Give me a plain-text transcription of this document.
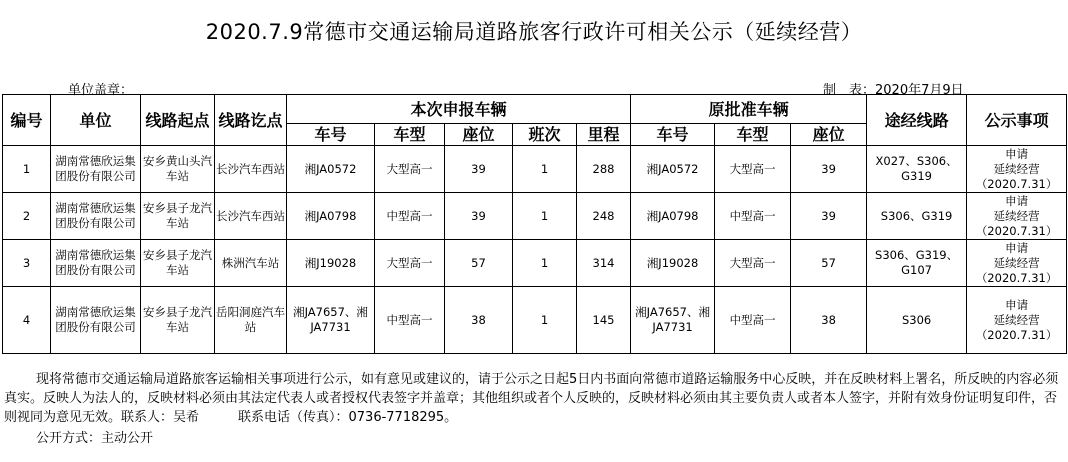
2020.7.9常德市交通运输局道路旅客行政许可相关公示（延续经营）
单位盖章：	制　表：2020年7月9日
编号	单位	线路起点	线路讫点	本次申报车辆					原批准车辆			途经线路	公示事项
				车号	车型	座位	班次	里程	车号	车型	座位		
1	湖南常德欣运集团股份有限公司	安乡黄山头汽车站	长沙汽车西站	湘JA0572	大型高一	39	1	288	湘JA0572	大型高一	39	X027、S306、G319	申请
延续经营
（2020.7.31）

2	湖南常德欣运集团股份有限公司	安乡县子龙汽车站	长沙汽车西站	湘JA0798	中型高一	39	1	248	湘JA0798	中型高一	39	S306、G319	申请
延续经营
（2020.7.31）

3	湖南常德欣运集团股份有限公司	安乡县子龙汽车站	株洲汽车站	湘J19028	大型高一	57	1	314	湘J19028	大型高一	57	S306、G319、G107	申请
延续经营
（2020.7.31）

4	湖南常德欣运集团股份有限公司	安乡县子龙汽车站	岳阳洞庭汽车站	湘JA7657、湘JA7731	中型高一	38	1	145	湘JA7657、湘JA7731	中型高一	38	S306	申请
延续经营
（2020.7.31）
现将常德市交通运输局道路旅客运输相关事项进行公示，如有意见或建议的，请于公示之日起5日内书面向常德市道路运输服务中心反映，并在反映材料上署名，所反映的内容必须真实。反映人为法人的，反映材料必须由其法定代表人或者授权代表签字并盖章；其他组织或者个人反映的，反映材料必须由其主要负责人或者本人签字，并附有效身份证明复印件，否则视同为意见无效。联系人：吴希　　　联系电话（传真）：0736-7718295。
公开方式：主动公开
